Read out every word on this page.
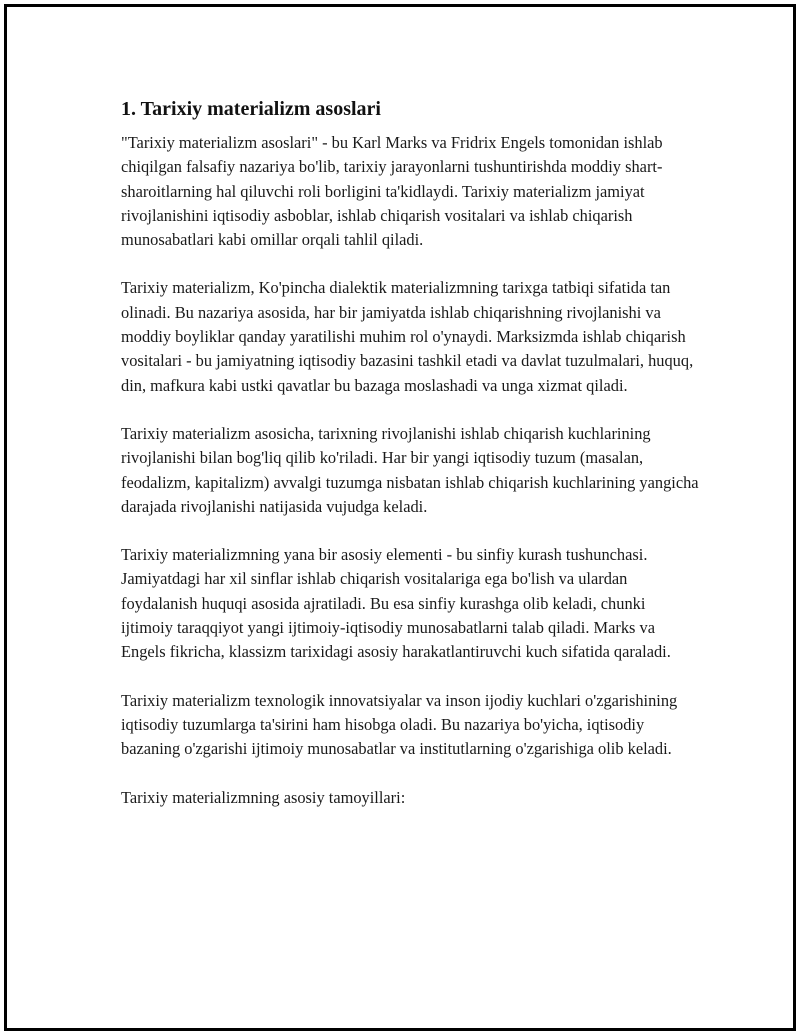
1. Tarixiy materializm asoslari

"Tarixiy materializm asoslari" - bu Karl Marks va Fridrix Engels tomonidan ishlab chiqilgan falsafiy nazariya bo'lib, tarixiy jarayonlarni tushuntirishda moddiy shart-sharoitlarning hal qiluvchi roli borligini ta'kidlaydi. Tarixiy materializm jamiyat rivojlanishini iqtisodiy asboblar, ishlab chiqarish vositalari va ishlab chiqarish munosabatlari kabi omillar orqali tahlil qiladi.

Tarixiy materializm, Ko'pincha dialektik materializmning tarixga tatbiqi sifatida tan olinadi. Bu nazariya asosida, har bir jamiyatda ishlab chiqarishning rivojlanishi va moddiy boyliklar qanday yaratilishi muhim rol o'ynaydi. Marksizmda ishlab chiqarish vositalari - bu jamiyatning iqtisodiy bazasini tashkil etadi va davlat tuzulmalari, huquq, din, mafkura kabi ustki qavatlar bu bazaga moslashadi va unga xizmat qiladi.

Tarixiy materializm asosicha, tarixning rivojlanishi ishlab chiqarish kuchlarining rivojlanishi bilan bog'liq qilib ko'riladi. Har bir yangi iqtisodiy tuzum (masalan, feodalizm, kapitalizm) avvalgi tuzumga nisbatan ishlab chiqarish kuchlarining yangicha darajada rivojlanishi natijasida vujudga keladi.

Tarixiy materializmning yana bir asosiy elementi - bu sinfiy kurash tushunchasi. Jamiyatdagi har xil sinflar ishlab chiqarish vositalariga ega bo'lish va ulardan foydalanish huquqi asosida ajratiladi. Bu esa sinfiy kurashga olib keladi, chunki ijtimoiy taraqqiyot yangi ijtimoiy-iqtisodiy munosabatlarni talab qiladi. Marks va Engels fikricha, klassizm tarixidagi asosiy harakatlantiruvchi kuch sifatida qaraladi.

Tarixiy materializm texnologik innovatsiyalar va inson ijodiy kuchlari o'zgarishining iqtisodiy tuzumlarga ta'sirini ham hisobga oladi. Bu nazariya bo'yicha, iqtisodiy bazaning o'zgarishi ijtimoiy munosabatlar va institutlarning o'zgarishiga olib keladi.

Tarixiy materializmning asosiy tamoyillari:
